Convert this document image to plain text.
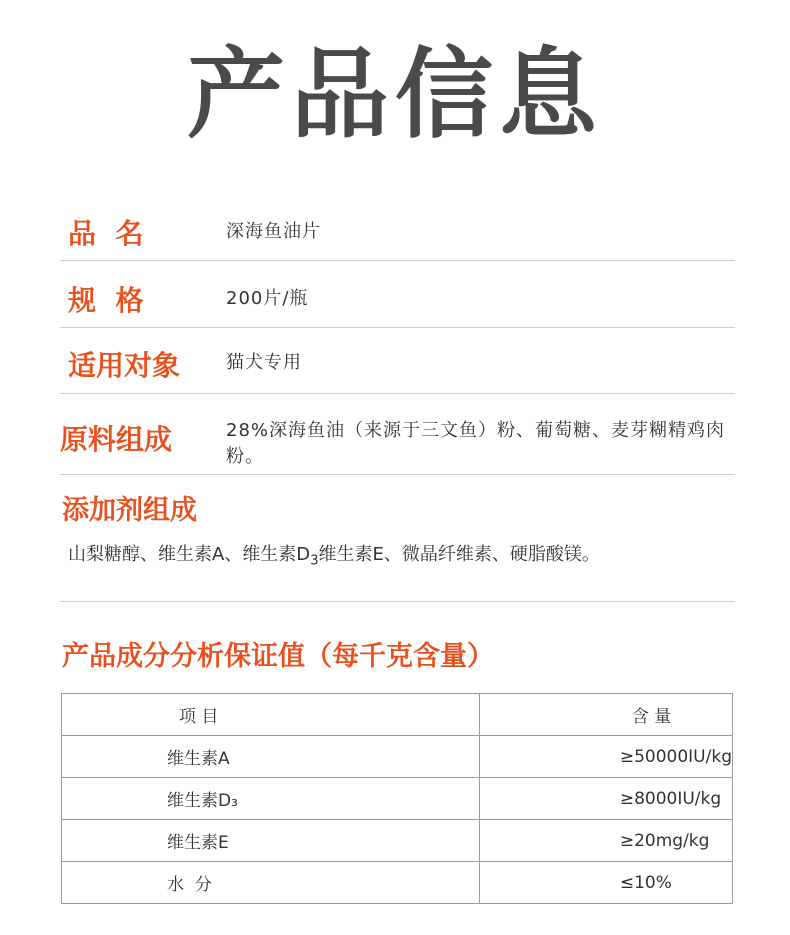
产品信息
品  名	深海鱼油片
规  格	200片/瓶
适用对象	猫犬专用
原料组成	28%深海鱼油（来源于三文鱼）粉、葡萄糖、麦芽糊精鸡肉粉。
添加剂组成
山梨糖醇、维生素A、维生素$D_3$维生素E、微晶纤维素、硬脂酸镁。
产品成分分析保证值（每千克含量）
项 目	含 量
维生素A	≥50000IU/kg
维生素D₃	≥8000IU/kg
维生素E	≥20mg/kg
水  分	≤10%
